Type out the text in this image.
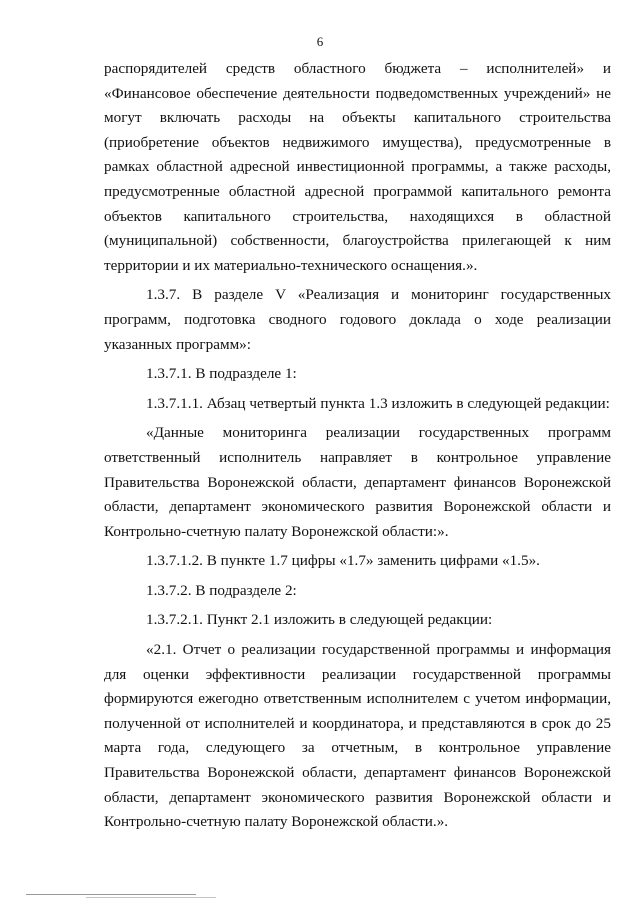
6

распорядителей средств областного бюджета – исполнителей» и «Финансовое обеспечение деятельности подведомственных учреждений» не могут включать расходы на объекты капитального строительства (приобретение объектов недвижимого имущества), предусмотренные в рамках областной адресной инвестиционной программы, а также расходы, предусмотренные областной адресной программой капитального ремонта объектов капитального строительства, находящихся в областной (муниципальной) собственности, благоустройства прилегающей к ним территории и их материально-технического оснащения.».

1.3.7. В разделе V «Реализация и мониторинг государственных программ, подготовка сводного годового доклада о ходе реализации указанных программ»:

1.3.7.1. В подразделе 1:

1.3.7.1.1. Абзац четвертый пункта 1.3 изложить в следующей редакции:

«Данные мониторинга реализации государственных программ ответственный исполнитель направляет в контрольное управление Правительства Воронежской области, департамент финансов Воронежской области, департамент экономического развития Воронежской области и Контрольно-счетную палату Воронежской области:».

1.3.7.1.2. В пункте 1.7 цифры «1.7» заменить цифрами «1.5».

1.3.7.2. В подразделе 2:

1.3.7.2.1. Пункт 2.1 изложить в следующей редакции:

«2.1. Отчет о реализации государственной программы и информация для оценки эффективности реализации государственной программы формируются ежегодно ответственным исполнителем с учетом информации, полученной от исполнителей и координатора, и представляются в срок до 25 марта года, следующего за отчетным, в контрольное управление Правительства Воронежской области, департамент финансов Воронежской области, департамент экономического развития Воронежской области и Контрольно-счетную палату Воронежской области.».
